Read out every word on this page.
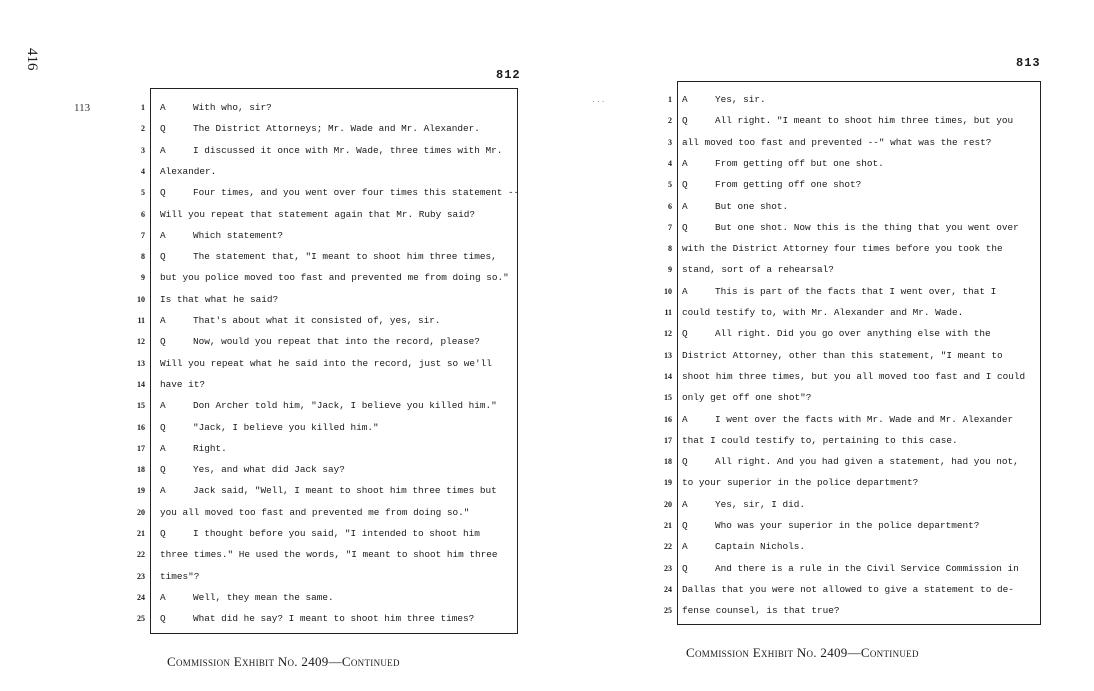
416
113
812
1 A	With who, sir?
2 Q	The District Attorneys; Mr. Wade and Mr. Alexander.
3 A	I discussed it once with Mr. Wade, three times with Mr.
4 Alexander.
5 Q	Four times, and you went over four times this statement --
6 Will you repeat that statement again that Mr. Ruby said?
7 A	Which statement?
8 Q	The statement that, "I meant to shoot him three times,
9 but you police moved too fast and prevented me from doing so."
10 Is that what he said?
11 A	That's about what it consisted of, yes, sir.
12 Q	Now, would you repeat that into the record, please?
13 Will you repeat what he said into the record, just so we'll
14 have it?
15 A	Don Archer told him, "Jack, I believe you killed him."
16 Q	"Jack, I believe you killed him."
17 A	Right.
18 Q	Yes, and what did Jack say?
19 A	Jack said, "Well, I meant to shoot him three times but
20 you all moved too fast and prevented me from doing so."
21 Q	I thought before you said, "I intended to shoot him
22 three times." He used the words, "I meant to shoot him three
23 times"?
24 A	Well, they mean the same.
25 Q	What did he say? I meant to shoot him three times?
Commission Exhibit No. 2409—Continued
813
1 A	Yes, sir.
2 Q	All right. "I meant to shoot him three times, but you
3 all moved too fast and prevented --" what was the rest?
4 A	From getting off but one shot.
5 Q	From getting off one shot?
6 A	But one shot.
7 Q	But one shot. Now this is the thing that you went over
8 with the District Attorney four times before you took the
9 stand, sort of a rehearsal?
10 A	This is part of the facts that I went over, that I
11 could testify to, with Mr. Alexander and Mr. Wade.
12 Q	All right. Did you go over anything else with the
13 District Attorney, other than this statement, "I meant to
14 shoot him three times, but you all moved too fast and I could
15 only get off one shot"?
16 A	I went over the facts with Mr. Wade and Mr. Alexander
17 that I could testify to, pertaining to this case.
18 Q	All right. And you had given a statement, had you not,
19 to your superior in the police department?
20 A	Yes, sir, I did.
21 Q	Who was your superior in the police department?
22 A	Captain Nichols.
23 Q	And there is a rule in the Civil Service Commission in
24 Dallas that you were not allowed to give a statement to de-
25 fense counsel, is that true?
Commission Exhibit No. 2409—Continued
· · ·
